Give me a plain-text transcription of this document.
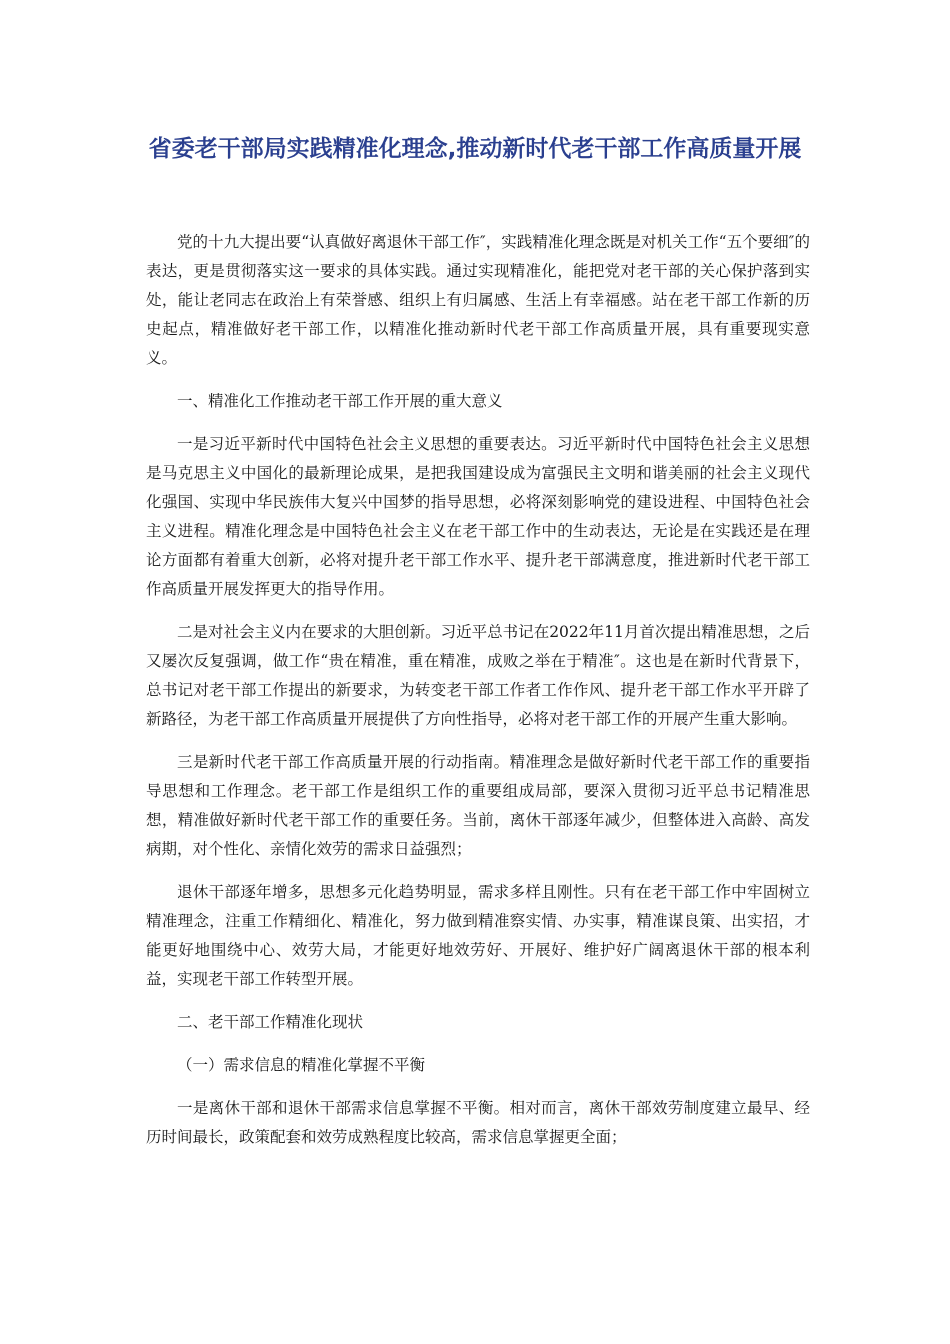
省委老干部局实践精准化理念,推动新时代老干部工作高质量开展

党的十九大提出要“认真做好离退休干部工作″，实践精准化理念既是对机关工作“五个要细″的表达，更是贯彻落实这一要求的具体实践。通过实现精准化，能把党对老干部的关心保护落到实处，能让老同志在政治上有荣誉感、组织上有归属感、生活上有幸福感。站在老干部工作新的历史起点，精准做好老干部工作，以精准化推动新时代老干部工作高质量开展，具有重要现实意义。

一、精准化工作推动老干部工作开展的重大意义

一是习近平新时代中国特色社会主义思想的重要表达。习近平新时代中国特色社会主义思想是马克思主义中国化的最新理论成果，是把我国建设成为富强民主文明和谐美丽的社会主义现代化强国、实现中华民族伟大复兴中国梦的指导思想，必将深刻影响党的建设进程、中国特色社会主义进程。精准化理念是中国特色社会主义在老干部工作中的生动表达，无论是在实践还是在理论方面都有着重大创新，必将对提升老干部工作水平、提升老干部满意度，推进新时代老干部工作高质量开展发挥更大的指导作用。

二是对社会主义内在要求的大胆创新。习近平总书记在2022年11月首次提出精准思想，之后又屡次反复强调，做工作“贵在精准，重在精准，成败之举在于精准″。这也是在新时代背景下，总书记对老干部工作提出的新要求，为转变老干部工作者工作作风、提升老干部工作水平开辟了新路径，为老干部工作高质量开展提供了方向性指导，必将对老干部工作的开展产生重大影响。

三是新时代老干部工作高质量开展的行动指南。精准理念是做好新时代老干部工作的重要指导思想和工作理念。老干部工作是组织工作的重要组成局部，要深入贯彻习近平总书记精准思想，精准做好新时代老干部工作的重要任务。当前，离休干部逐年减少，但整体进入高龄、高发病期，对个性化、亲情化效劳的需求日益强烈；

退休干部逐年增多，思想多元化趋势明显，需求多样且刚性。只有在老干部工作中牢固树立精准理念，注重工作精细化、精准化，努力做到精准察实情、办实事，精准谋良策、出实招，才能更好地围绕中心、效劳大局，才能更好地效劳好、开展好、维护好广阔离退休干部的根本利益，实现老干部工作转型开展。

二、老干部工作精准化现状

（一）需求信息的精准化掌握不平衡

一是离休干部和退休干部需求信息掌握不平衡。相对而言，离休干部效劳制度建立最早、经历时间最长，政策配套和效劳成熟程度比较高，需求信息掌握更全面；
